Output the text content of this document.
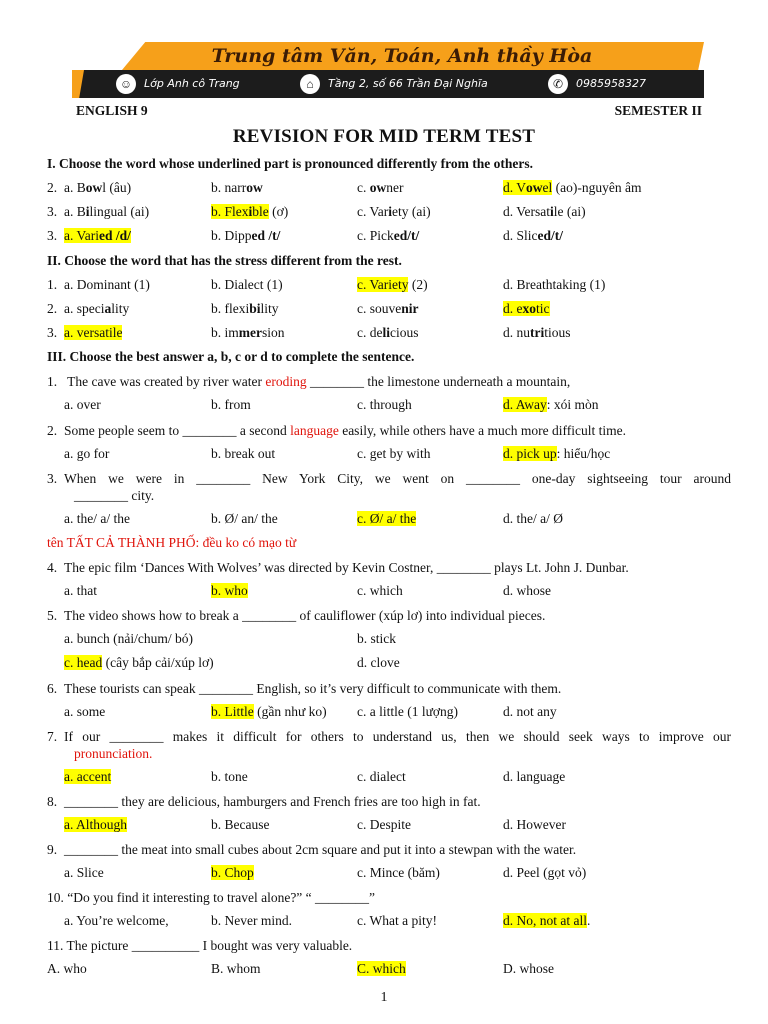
Trung tâm Văn, Toán, Anh thầy Hòa
☺	Lớp Anh cô Trang	⌂	Tầng 2, số 66 Trần Đại Nghĩa	✆	0985958327
ENGLISH 9	SEMESTER II
REVISION FOR MID TERM TEST
I. Choose the word whose underlined part is pronounced differently from the others.
2. a. Bowl (âu)	b. narrow	c. owner	d. Vowel (ao)-nguyên âm
3. a. Bilingual (ai)	b. Flexible (ơ)	c. Variety (ai)	d. Versatile (ai)
3. a. Varied /d/	b. Dipped /t/	c. Picked/t/	d. Sliced/t/
II. Choose the word that has the stress different from the rest.
1. a. Dominant (1)	b. Dialect (1)	c. Variety (2)	d. Breathtaking (1)
2. a. speciality	b. flexibility	c. souvenir	d. exotic
3. a. versatile	b. immersion	c. delicious	d. nutritious
III. Choose the best answer a, b, c or d to complete the sentence.
1. The cave was created by river water eroding ________ the limestone underneath a mountain,
a. over	b. from	c. through	d. Away: xói mòn
2. Some people seem to ________ a second language easily, while others have a much more difficult time.
a. go for	b. break out	c. get by with	d. pick up: hiểu/học
3. When we were in ________ New York City, we went on ________ one-day sightseeing tour around
________ city.
a. the/ a/ the	b. Ø/ an/ the	c. Ø/ a/ the	d. the/ a/ Ø
tên TẤT CẢ THÀNH PHỐ: đều ko có mạo từ
4. The epic film ‘Dances With Wolves’ was directed by Kevin Costner, ________ plays Lt. John J. Dunbar.
a. that	b. who	c. which	d. whose
5. The video shows how to break a ________ of cauliflower (xúp lơ) into individual pieces.
a. bunch (nải/chum/ bó)	b. stick
c. head (cây bắp cải/xúp lơ)	d. clove
6. These tourists can speak ________ English, so it’s very difficult to communicate with them.
a. some	b. Little (gần như ko) c. a little (1 lượng)	d. not any
7. If our ________ makes it difficult for others to understand us, then we should seek ways to improve our
pronunciation.
a. accent	b. tone	c. dialect	d. language
8. ________ they are delicious, hamburgers and French fries are too high in fat.
a. Although	b. Because	c. Despite	d. However
9. ________ the meat into small cubes about 2cm square and put it into a stewpan with the water.
a. Slice	b. Chop	c. Mince (băm)	d. Peel (gọt vỏ)
10. “Do you find it interesting to travel alone?” “ ________”
a. You’re welcome,	b. Never mind.	c. What a pity!	d. No, not at all.
11. The picture __________ I bought was very valuable.
A. who	B. whom	C. which	D. whose
1
